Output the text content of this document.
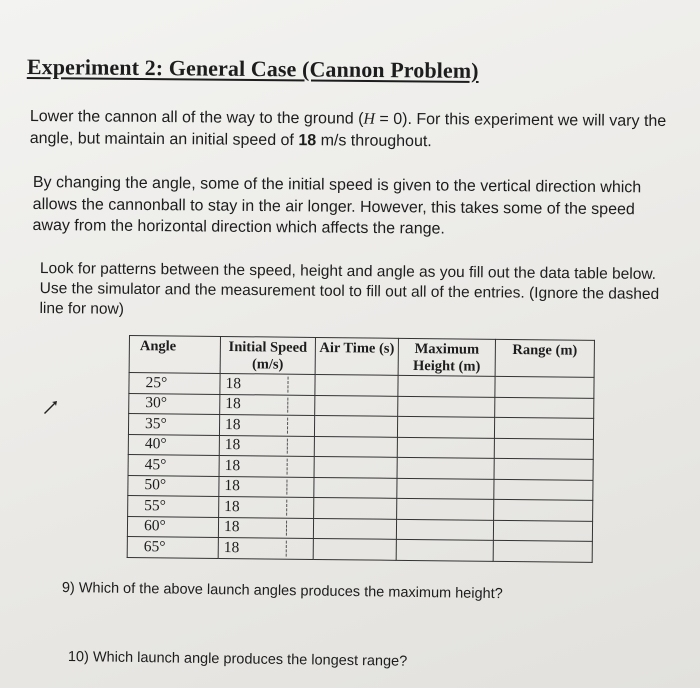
Experiment 2: General Case (Cannon Problem)

Lower the cannon all of the way to the ground (H = 0). For this experiment we will vary the angle, but maintain an initial speed of 18 m/s throughout.

By changing the angle, some of the initial speed is given to the vertical direction which allows the cannonball to stay in the air longer. However, this takes some of the speed away from the horizontal direction which affects the range.

Look for patterns between the speed, height and angle as you fill out the data table below. Use the simulator and the measurement tool to fill out all of the entries. (Ignore the dashed line for now)

Angle	Initial Speed (m/s)	Air Time (s)	Maximum Height (m)	Range (m)
25°	18			
30°	18			
35°	18			
40°	18			
45°	18			
50°	18			
55°	18			
60°	18			
65°	18			

9) Which of the above launch angles produces the maximum height?

10) Which launch angle produces the longest range?
